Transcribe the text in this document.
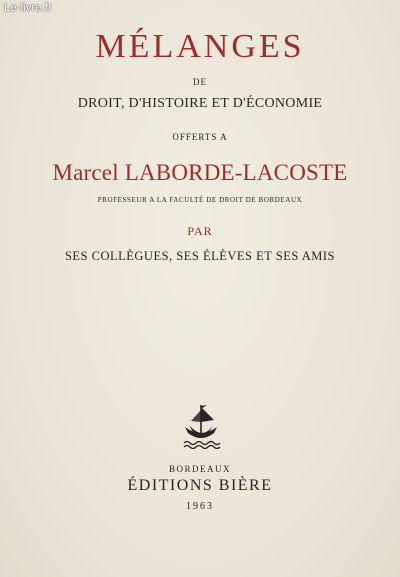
Le-livre.fr
MÉLANGES
DE
DROIT, D'HISTOIRE ET D'ÉCONOMIE
OFFERTS A
Marcel LABORDE-LACOSTE
PROFESSEUR A LA FACULTÉ DE DROIT DE BORDEAUX
PAR
SES COLLÈGUES, SES ÉLÈVES ET SES AMIS
BORDEAUX
ÉDITIONS BIÈRE
1963
